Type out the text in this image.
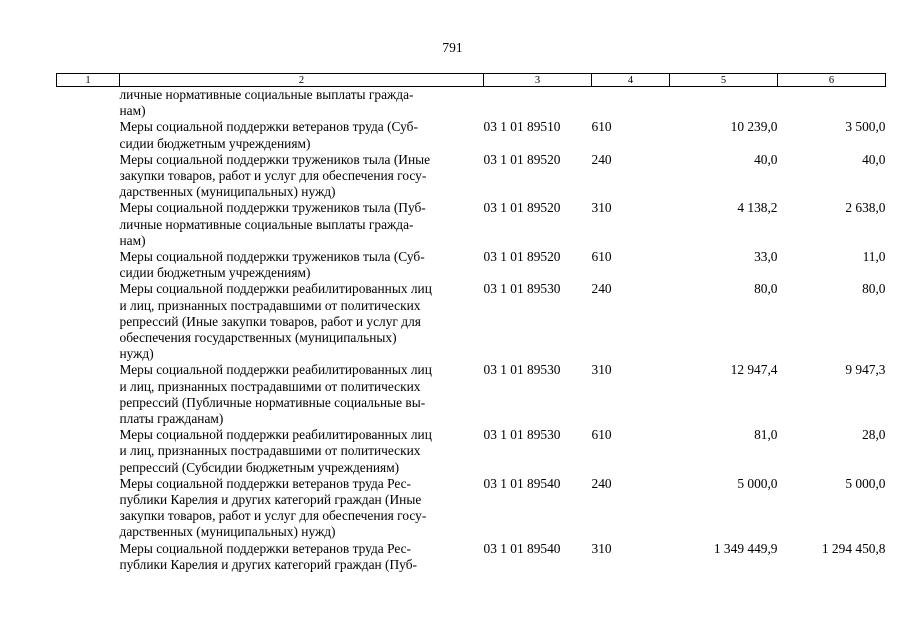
791
1	2	3	4	5	6
	личные нормативные социальные выплаты гражда-
нам)				
	Меры социальной поддержки ветеранов труда (Суб-
сидии бюджетным учреждениям)	03 1 01 89510	610	10 239,0	3 500,0
	Меры социальной поддержки тружеников тыла (Иные
закупки товаров, работ и услуг для обеспечения госу-
дарственных (муниципальных) нужд)	03 1 01 89520	240	40,0	40,0
	Меры социальной поддержки тружеников тыла (Пуб-
личные нормативные социальные выплаты гражда-
нам)	03 1 01 89520	310	4 138,2	2 638,0
	Меры социальной поддержки тружеников тыла (Суб-
сидии бюджетным учреждениям)	03 1 01 89520	610	33,0	11,0
	Меры социальной поддержки реабилитированных лиц
и лиц, признанных пострадавшими от политических
репрессий (Иные закупки товаров, работ и услуг для
обеспечения государственных (муниципальных)
нужд)	03 1 01 89530	240	80,0	80,0
	Меры социальной поддержки реабилитированных лиц
и лиц, признанных пострадавшими от политических
репрессий (Публичные нормативные социальные вы-
платы гражданам)	03 1 01 89530	310	12 947,4	9 947,3
	Меры социальной поддержки реабилитированных лиц
и лиц, признанных пострадавшими от политических
репрессий (Субсидии бюджетным учреждениям)	03 1 01 89530	610	81,0	28,0
	Меры социальной поддержки ветеранов труда Рес-
публики Карелия и других категорий граждан (Иные
закупки товаров, работ и услуг для обеспечения госу-
дарственных (муниципальных) нужд)	03 1 01 89540	240	5 000,0	5 000,0
	Меры социальной поддержки ветеранов труда Рес-
публики Карелия и других категорий граждан (Пуб-	03 1 01 89540	310	1 349 449,9	1 294 450,8
